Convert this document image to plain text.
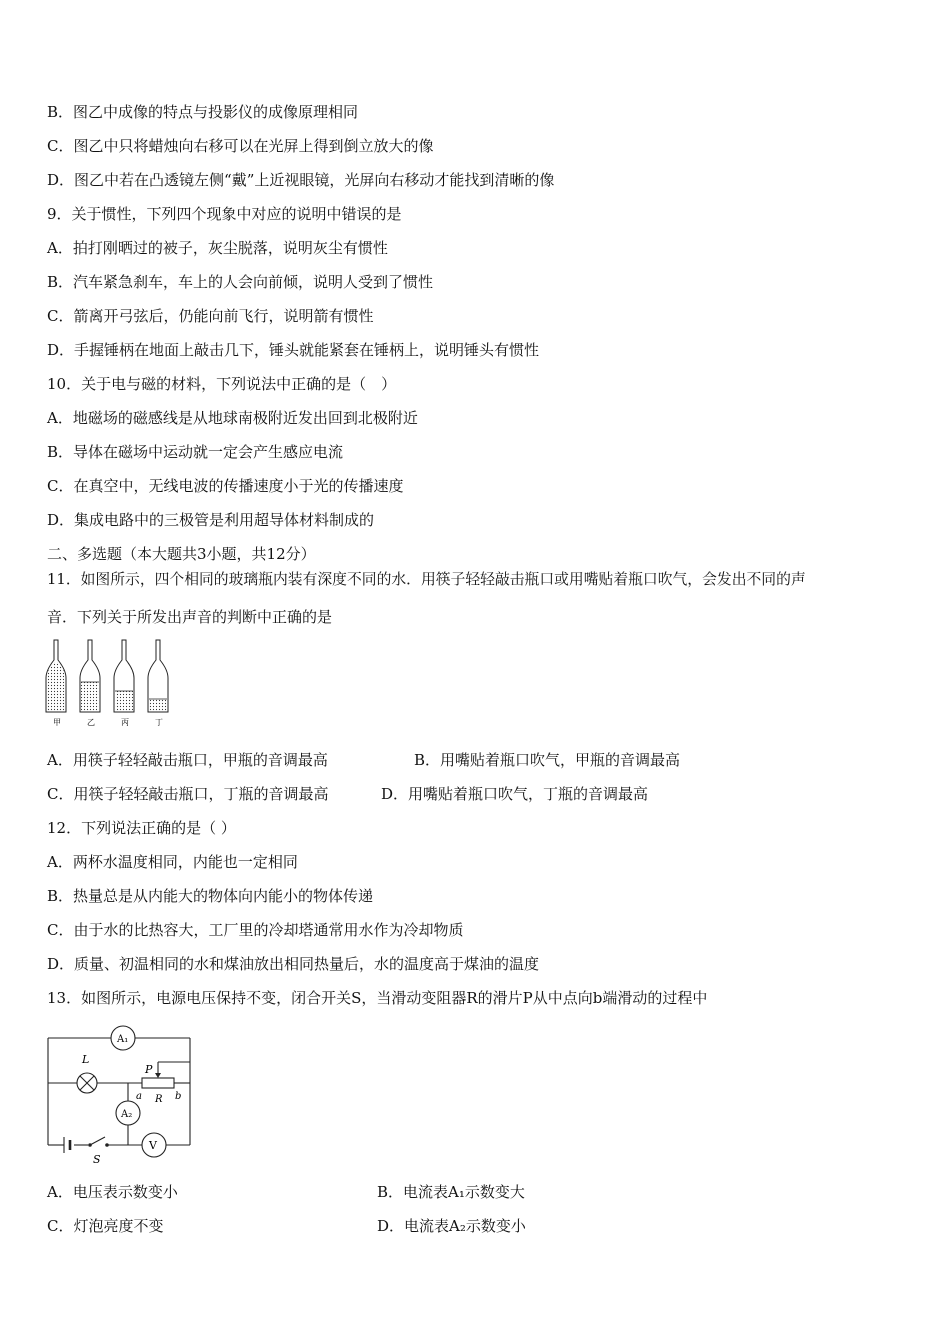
B．图乙中成像的特点与投影仪的成像原理相同
C．图乙中只将蜡烛向右移可以在光屏上得到倒立放大的像
D．图乙中若在凸透镜左侧“戴”上近视眼镜，光屏向右移动才能找到清晰的像
9．关于惯性，下列四个现象中对应的说明中错误的是
A．拍打刚晒过的被子，灰尘脱落，说明灰尘有惯性
B．汽车紧急刹车，车上的人会向前倾，说明人受到了惯性
C．箭离开弓弦后，仍能向前飞行，说明箭有惯性
D．手握锤柄在地面上敲击几下，锤头就能紧套在锤柄上，说明锤头有惯性
10．关于电与磁的材料，下列说法中正确的是（　）
A．地磁场的磁感线是从地球南极附近发出回到北极附近
B．导体在磁场中运动就一定会产生感应电流
C．在真空中，无线电波的传播速度小于光的传播速度
D．集成电路中的三极管是利用超导体材料制成的
二、多选题（本大题共3小题，共12分）
11．如图所示，四个相同的玻璃瓶内装有深度不同的水．用筷子轻轻敲击瓶口或用嘴贴着瓶口吹气，会发出不同的声
音．下列关于所发出声音的判断中正确的是
甲	乙	丙	丁
A．用筷子轻轻敲击瓶口，甲瓶的音调最高	B．用嘴贴着瓶口吹气，甲瓶的音调最高
C．用筷子轻轻敲击瓶口，丁瓶的音调最高	D．用嘴贴着瓶口吹气，丁瓶的音调最高
12．下列说法正确的是（ ）
A．两杯水温度相同，内能也一定相同
B．热量总是从内能大的物体向内能小的物体传递
C．由于水的比热容大，工厂里的冷却塔通常用水作为冷却物质
D．质量、初温相同的水和煤油放出相同热量后，水的温度高于煤油的温度
13．如图所示，电源电压保持不变，闭合开关S，当滑动变阻器R的滑片P从中点向b端滑动的过程中
A₁
L
P
a R b
A₂
S
V
A．电压表示数变小	B．电流表A₁示数变大
C．灯泡亮度不变	D．电流表A₂示数变小
